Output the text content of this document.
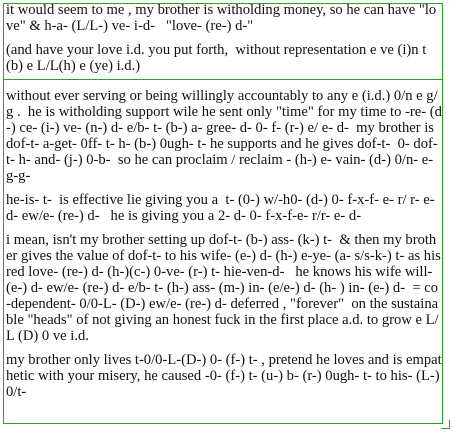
it would seem to me , my brother is witholding money, so he can have "love" & h-a- (L/L-) ve- i-d-   "love- (re-) d-"

(and have your love i.d. you put forth,  without representation e ve (i)n t (b) e L/L(h) e (ye) i.d.)

without ever serving or being willingly accountably to any e (i.d.) 0/n e g/g .  he is witholding support wile he sent only "time" for my time to -re- (d-) ce- (i-) ve- (n-) d- e/b- t- (b-) a- gree- d- 0- f- (r-) e/ e- d-  my brother is dof-t- a-get- 0ff- t- h- (b-) 0ugh- t- he supports and he gives dof-t-  0- dof- t- h- and- (j-) 0-b-  so he can proclaim / reclaim - (h-) e- vain- (d-) 0/n- e- g-g-

he-is- t-  is effective lie giving you a  t- (0-) w/-h0- (d-) 0- f-x-f- e- r/ r- e- d- ew/e- (re-) d-   he is giving you a 2- d- 0- f-x-f-e- r/r- e- d-

i mean, isn't my brother setting up dof-t- (b-) ass- (k-) t-  & then my brother gives the value of dof-t- to his wife- (e-) d- (h-) e-ye- (a- s/s-k-) t- as his red love- (re-) d- (h-)(c-) 0-ve- (r-) t- hie-ven-d-   he knows his wife will- (e-) d- ew/e- (re-) d- e/b- t- (h-) ass- (m-) in- (e/e-) d- (h- ) in- (e-) d-  = co-dependent- 0/0-L- (D-) ew/e- (re-) d- deferred , "forever"  on the sustainable "heads" of not giving an honest fuck in the first place a.d. to grow e L/L (D) 0 ve i.d.

my brother only lives t-0/0-L-(D-) 0- (f-) t- , pretend he loves and is empathetic with your misery, he caused -0- (f-) t- (u-) b- (r-) 0ugh- t- to his- (L-) 0/t-
